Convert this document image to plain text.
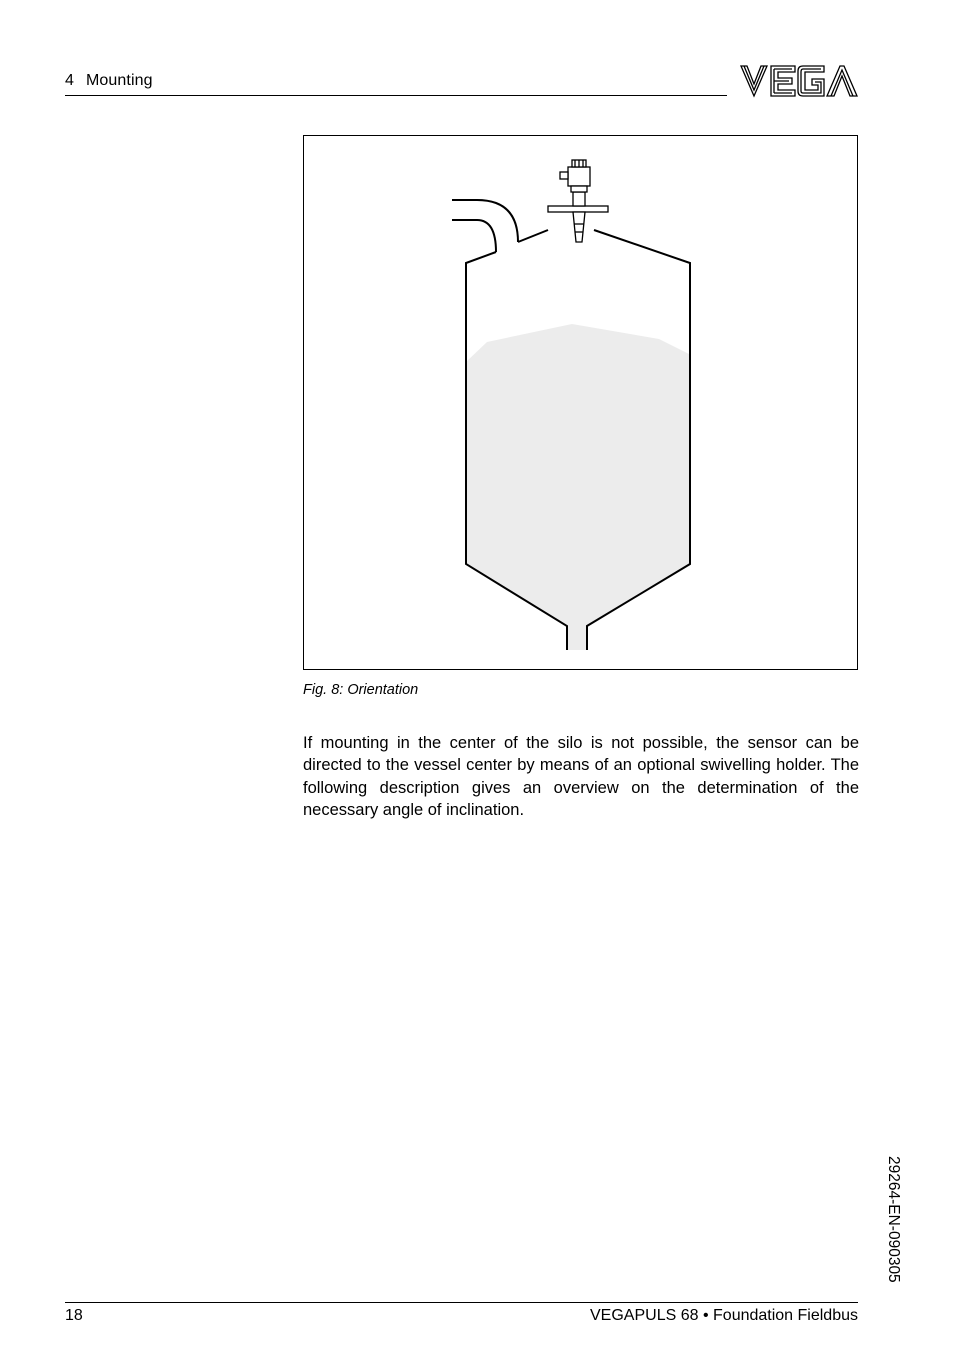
4 Mounting
Fig. 8: Orientation

If mounting in the center of the silo is not possible, the sensor can be directed to the vessel center by means of an optional swivelling holder. The following description gives an overview on the determination of the necessary angle of inclination.

29264-EN-090305
18	VEGAPULS 68 • Foundation Fieldbus
